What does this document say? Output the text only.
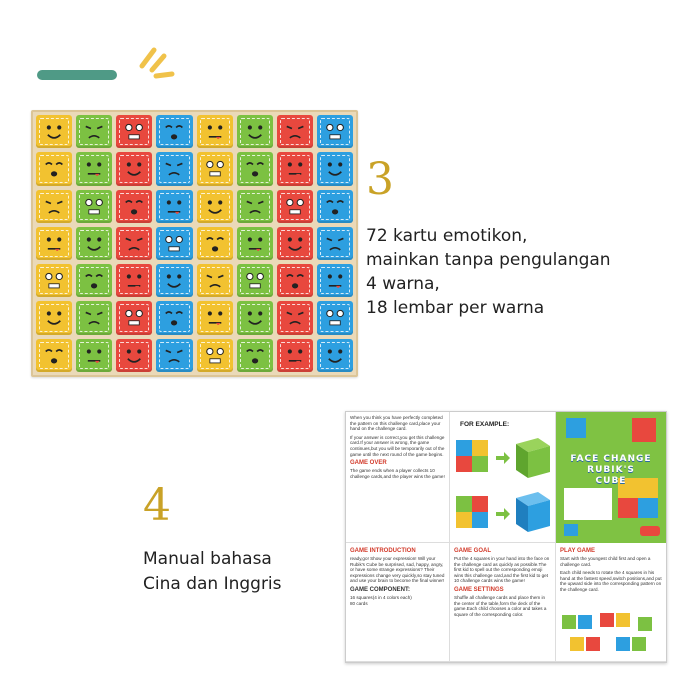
3
72 kartu emotikon,
mainkan tanpa pengulangan
4 warna,
18 lembar per warna
4
Manual bahasa
Cina dan Inggris

When you think you have perfectly completed the pattern on this challenge card,place your hand on the challenge card.

If your answer is correct,you get this challenge card.If your answer is wrong, the game continues,but you will be temporarily out of the game until the next round of the game begins.

GAME OVER

The game ends when a player collects 10 challenge cards,and the player wins the game!

FOR EXAMPLE:
FACE CHANGE
RUBIK'S
CUBE
GAME INTRODUCTION

ready,go! Show your expression! Will your Rubik's Cube be surprised, sad, happy, angry, or have some strange expressions? Their expressions change very quickly,so stay tuned and use your brain to become the final winner!

GAME COMPONENT:

16 squares(4 in 4 colors each)
80 cards

GAME GOAL

Put the 4 squares in your hand into the face on the challenge card as quickly as possible.The first kid to spell out the corresponding emoji wins this challenge card,and the first kid to get 10 challenge cards wins the game!

GAME SETTINGS

Shuffle all challenge cards and place them in the center of the table,form the deck of the game.Each child chooses a color and takes a square of the corresponding color.

PLAY GAME

Start with the youngest child first and open a challenge card.

Each child needs to rotate the 4 squares in his hand at the fastest speed,switch positions,and put the upward side into the corresponding pattern on the challenge card.
